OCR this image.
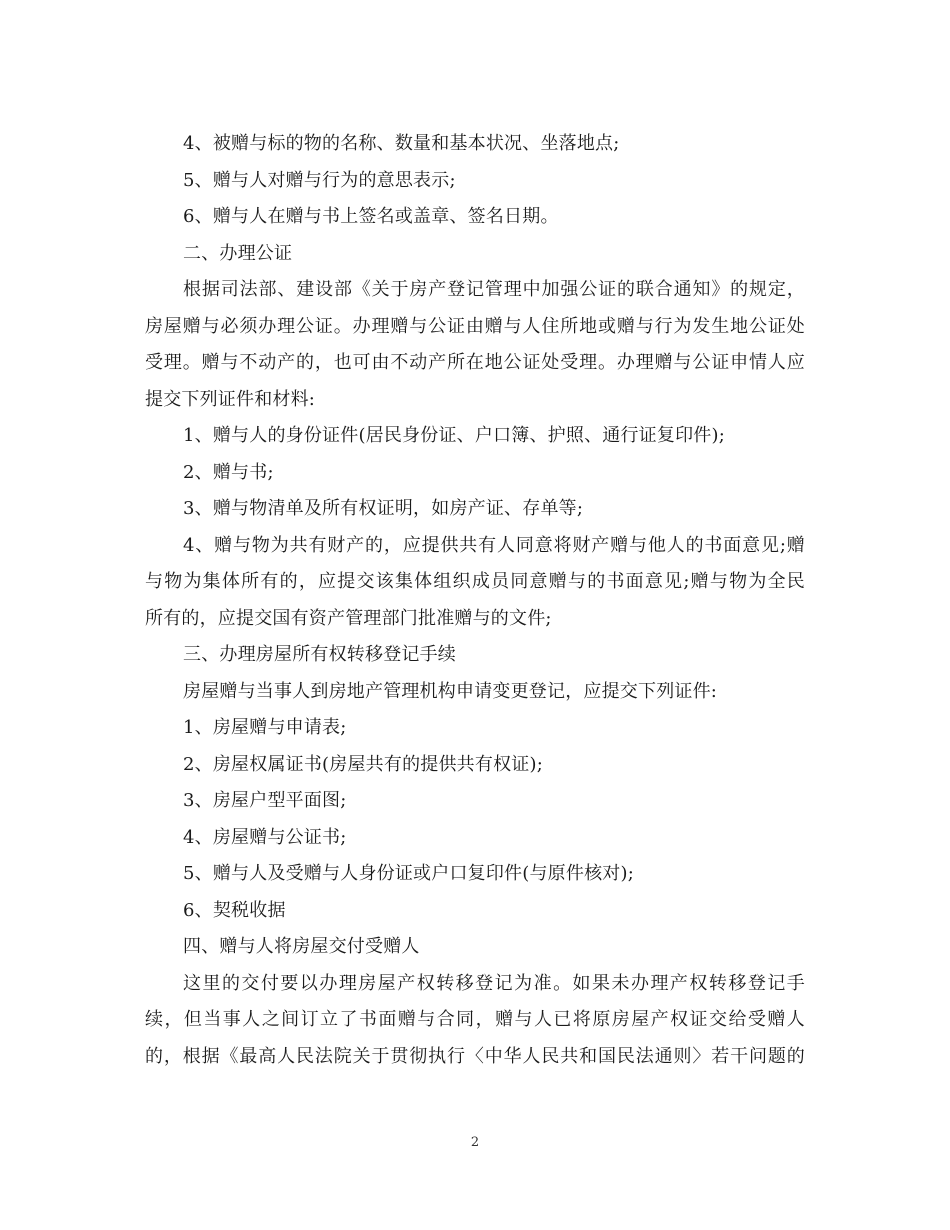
4、被赠与标的物的名称、数量和基本状况、坐落地点;
5、赠与人对赠与行为的意思表示;
6、赠与人在赠与书上签名或盖章、签名日期。
二、办理公证
根据司法部、建设部《关于房产登记管理中加强公证的联合通知》的规定，
房屋赠与必须办理公证。办理赠与公证由赠与人住所地或赠与行为发生地公证处
受理。赠与不动产的，也可由不动产所在地公证处受理。办理赠与公证申情人应
提交下列证件和材料:
1、赠与人的身份证件(居民身份证、户口簿、护照、通行证复印件);
2、赠与书;
3、赠与物清单及所有权证明，如房产证、存单等;
4、赠与物为共有财产的，应提供共有人同意将财产赠与他人的书面意见;赠
与物为集体所有的，应提交该集体组织成员同意赠与的书面意见;赠与物为全民
所有的，应提交国有资产管理部门批准赠与的文件;
三、办理房屋所有权转移登记手续
房屋赠与当事人到房地产管理机构申请变更登记，应提交下列证件:
1、房屋赠与申请表;
2、房屋权属证书(房屋共有的提供共有权证);
3、房屋户型平面图;
4、房屋赠与公证书;
5、赠与人及受赠与人身份证或户口复印件(与原件核对);
6、契税收据
四、赠与人将房屋交付受赠人
这里的交付要以办理房屋产权转移登记为准。如果未办理产权转移登记手
续，但当事人之间订立了书面赠与合同，赠与人已将原房屋产权证交给受赠人
的，根据《最高人民法院关于贯彻执行〈中华人民共和国民法通则〉若干问题的
2
